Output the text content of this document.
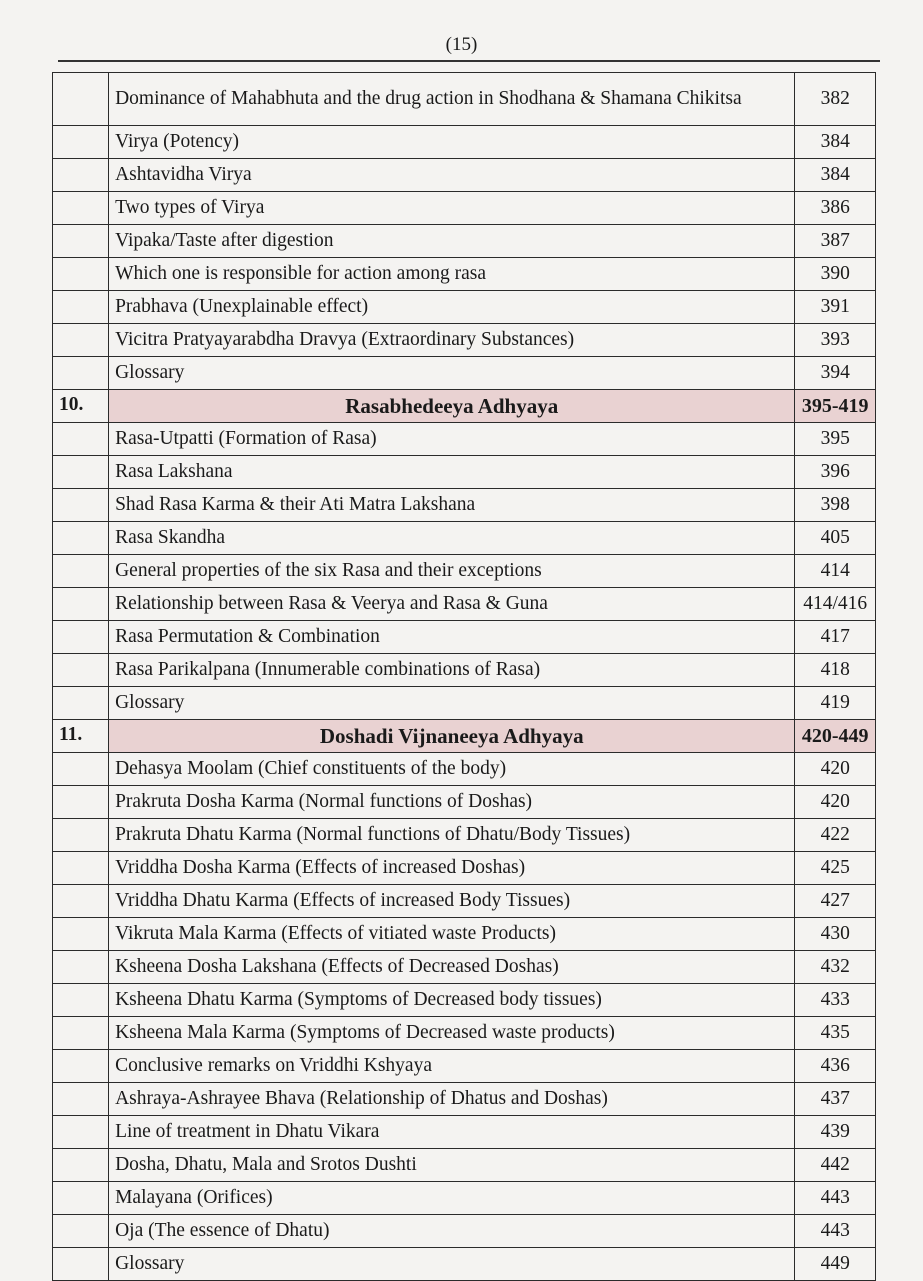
(15)
	Dominance of Mahabhuta and the drug action in Shodhana & Shamana Chikitsa	382
	Virya (Potency)	384
	Ashtavidha Virya	384
	Two types of Virya	386
	Vipaka/Taste after digestion	387
	Which one is responsible for action among rasa	390
	Prabhava (Unexplainable effect)	391
	Vicitra Pratyayarabdha Dravya (Extraordinary Substances)	393
	Glossary	394
10.	Rasabhedeeya Adhyaya	395-419
	Rasa-Utpatti (Formation of Rasa)	395
	Rasa Lakshana	396
	Shad Rasa Karma & their Ati Matra Lakshana	398
	Rasa Skandha	405
	General properties of the six Rasa and their exceptions	414
	Relationship between Rasa & Veerya and Rasa & Guna	414/416
	Rasa Permutation & Combination	417
	Rasa Parikalpana (Innumerable combinations of Rasa)	418
	Glossary	419
11.	Doshadi Vijnaneeya Adhyaya	420-449
	Dehasya Moolam (Chief constituents of the body)	420
	Prakruta Dosha Karma (Normal functions of Doshas)	420
	Prakruta Dhatu Karma (Normal functions of Dhatu/Body Tissues)	422
	Vriddha Dosha Karma (Effects of increased Doshas)	425
	Vriddha Dhatu Karma (Effects of increased Body Tissues)	427
	Vikruta Mala Karma (Effects of vitiated waste Products)	430
	Ksheena Dosha Lakshana (Effects of Decreased Doshas)	432
	Ksheena Dhatu Karma (Symptoms of Decreased body tissues)	433
	Ksheena Mala Karma (Symptoms of Decreased waste products)	435
	Conclusive remarks on Vriddhi Kshyaya	436
	Ashraya-Ashrayee Bhava (Relationship of Dhatus and Doshas)	437
	Line of treatment in Dhatu Vikara	439
	Dosha, Dhatu, Mala and Srotos Dushti	442
	Malayana (Orifices)	443
	Oja (The essence of Dhatu)	443
	Glossary	449
